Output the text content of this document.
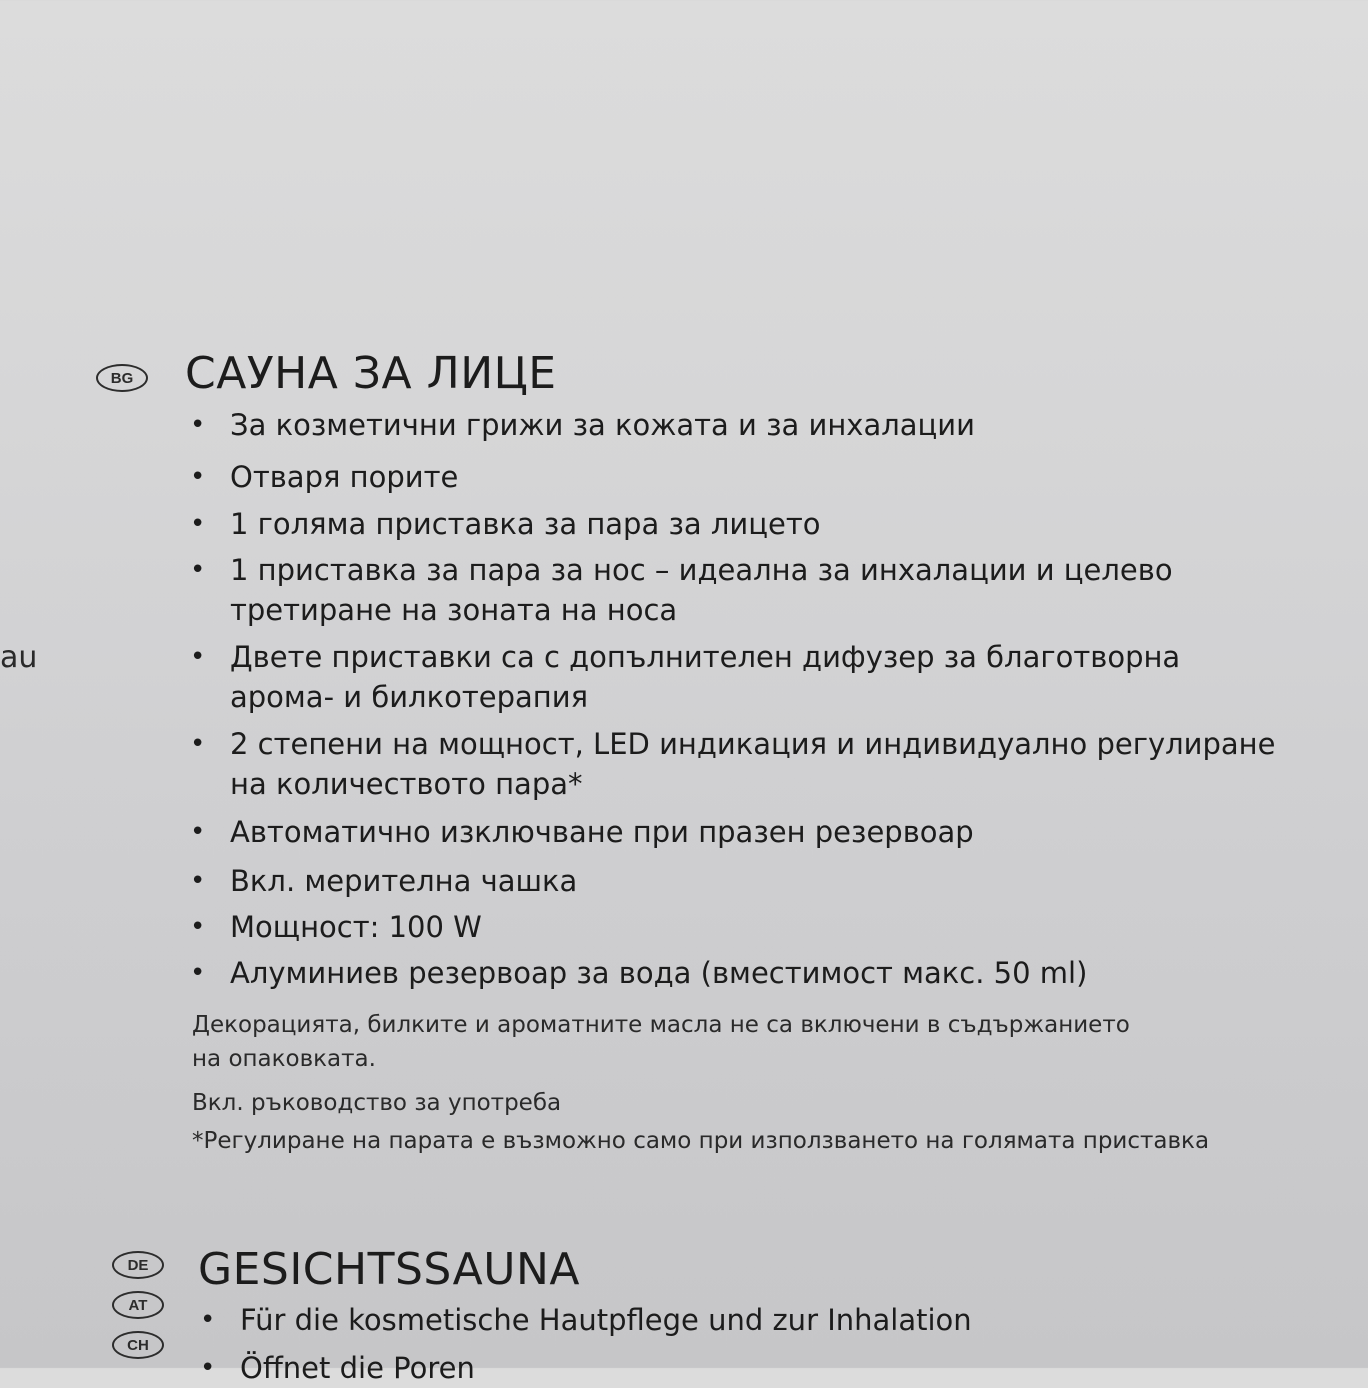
au
BG	САУНА ЗА ЛИЦЕ
• За козметични грижи за кожата и за инхалации
• Отваря порите
• 1 голяма приставка за пара за лицето
• 1 приставка за пара за нос – идеална за инхалации и целево
третиране на зоната на носа
• Двете приставки са с допълнителен дифузер за благотворна
арома- и билкотерапия
• 2 степени на мощност, LED индикация и индивидуално регулиране
на количеството пара*
• Автоматично изключване при празен резервоар
• Вкл. мерителна чашка
• Мощност: 100 W
• Алуминиев резервоар за вода (вместимост макс. 50 ml)

Декорацията, билките и ароматните масла не са включени в съдържанието
на опаковката.

Вкл. ръководство за употреба

*Регулиране на парата е възможно само при използването на голямата приставка

DE
AT
CH
GESICHTSSAUNA
• Für die kosmetische Hautpflege und zur Inhalation
• Öffnet die Poren
